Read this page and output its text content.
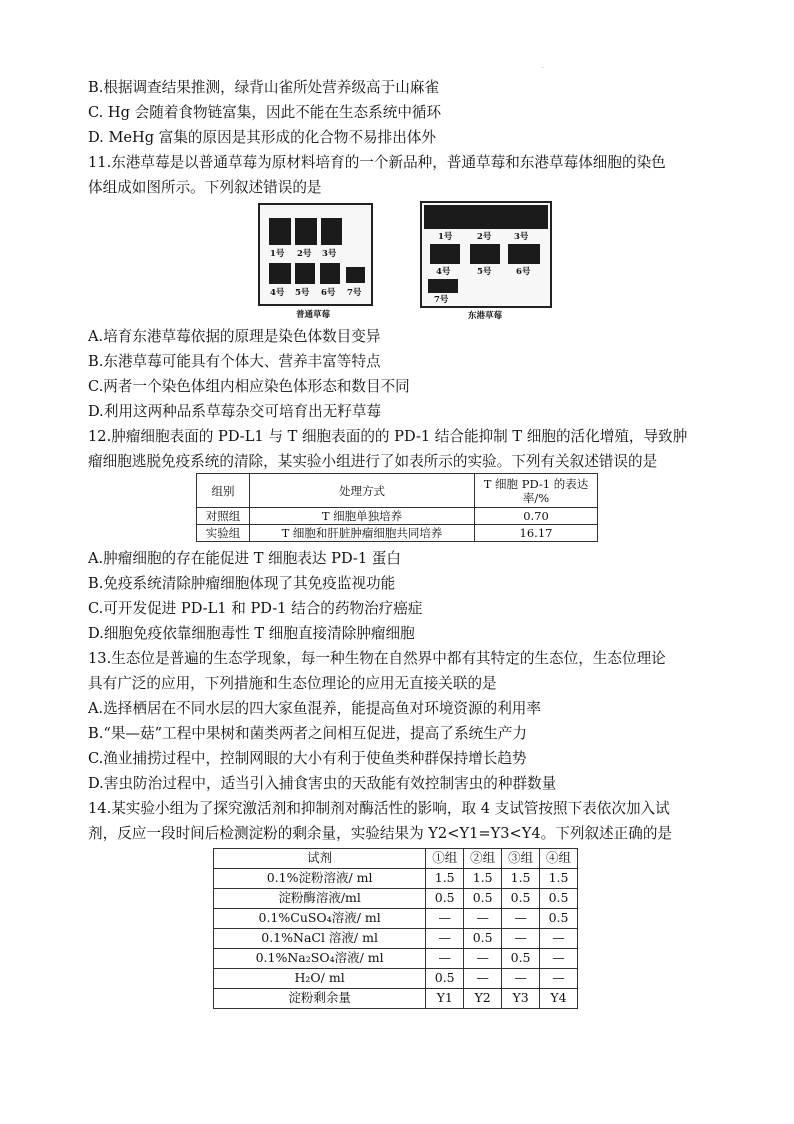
.
B.根据调查结果推测，绿背山雀所处营养级高于山麻雀
C. Hg 会随着食物链富集，因此不能在生态系统中循环
D. MeHg 富集的原因是其形成的化合物不易排出体外
11.东港草莓是以普通草莓为原材料培育的一个新品种，普通草莓和东港草莓体细胞的染色
体组成如图所示。下列叙述错误的是
1号 2号 3号
4号 5号 6号 7号
普通草莓
1号	2号	3号
4号	5号	6号
7号
东港草莓
A.培育东港草莓依据的原理是染色体数目变异
B.东港草莓可能具有个体大、营养丰富等特点
C.两者一个染色体组内相应染色体形态和数目不同
D.利用这两种品系草莓杂交可培育出无籽草莓
12.肿瘤细胞表面的 PD-L1 与 T 细胞表面的的 PD-1 结合能抑制 T 细胞的活化增殖，导致肿
瘤细胞逃脱免疫系统的清除，某实验小组进行了如表所示的实验。下列有关叙述错误的是
组别	处理方式	T 细胞 PD-1 的表达
率/%

对照组	T 细胞单独培养	0.70
实验组	T 细胞和肝脏肿瘤细胞共同培养	16.17
A.肿瘤细胞的存在能促进 T 细胞表达 PD-1 蛋白
B.免疫系统清除肿瘤细胞体现了其免疫监视功能
C.可开发促进 PD-L1 和 PD-1 结合的药物治疗癌症
D.细胞免疫依靠细胞毒性 T 细胞直接清除肿瘤细胞
13.生态位是普遍的生态学现象，每一种生物在自然界中都有其特定的生态位，生态位理论
具有广泛的应用，下列措施和生态位理论的应用无直接关联的是
A.选择栖居在不同水层的四大家鱼混养，能提高鱼对环境资源的利用率
B.“果—菇”工程中果树和菌类两者之间相互促进，提高了系统生产力
C.渔业捕捞过程中，控制网眼的大小有利于使鱼类种群保持增长趋势
D.害虫防治过程中，适当引入捕食害虫的天敌能有效控制害虫的种群数量
14.某实验小组为了探究激活剂和抑制剂对酶活性的影响，取 4 支试管按照下表依次加入试
剂，反应一段时间后检测淀粉的剩余量，实验结果为 Y2<Y1=Y3<Y4。下列叙述正确的是
试剂	①组	②组	③组	④组
0.1%淀粉溶液/ ml	1.5	1.5	1.5	1.5
淀粉酶溶液/ml	0.5	0.5	0.5	0.5
0.1%CuSO₄溶液/ ml	—	—	—	0.5
0.1%NaCl 溶液/ ml	—	0.5	—	—
0.1%Na₂SO₄溶液/ ml	—	—	0.5	—
H₂O/ ml	0.5	—	—	—
淀粉剩余量	Y1	Y2	Y3	Y4
